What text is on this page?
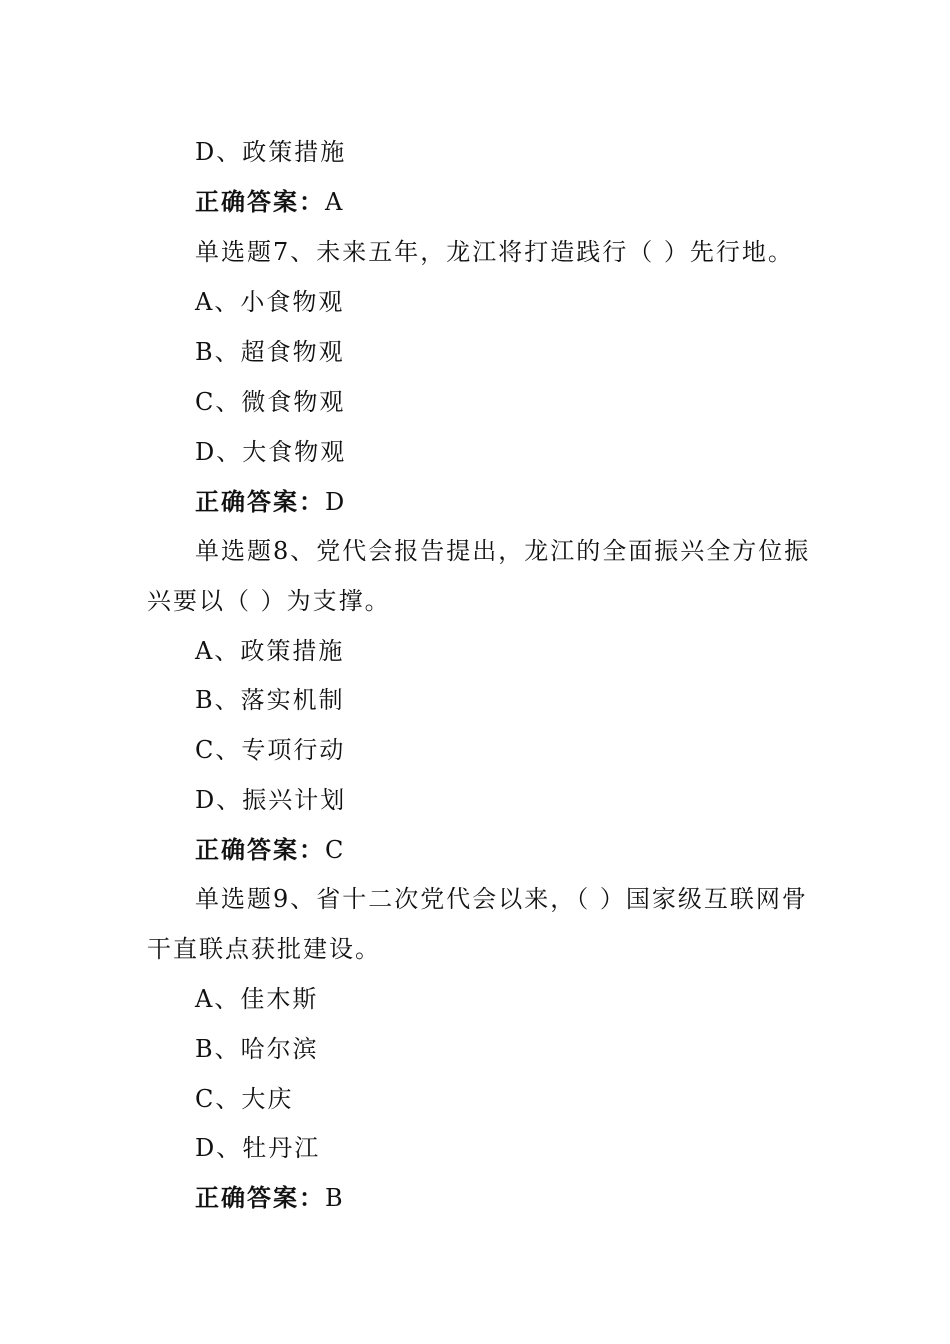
D、政策措施
正确答案：A
单选题7、未来五年，龙江将打造践行（ ）先行地。
A、小食物观
B、超食物观
C、微食物观
D、大食物观
正确答案：D
单选题8、党代会报告提出，龙江的全面振兴全方位振
兴要以（ ）为支撑。
A、政策措施
B、落实机制
C、专项行动
D、振兴计划
正确答案：C
单选题9、省十二次党代会以来，（ ）国家级互联网骨
干直联点获批建设。
A、佳木斯
B、哈尔滨
C、大庆
D、牡丹江
正确答案：B
